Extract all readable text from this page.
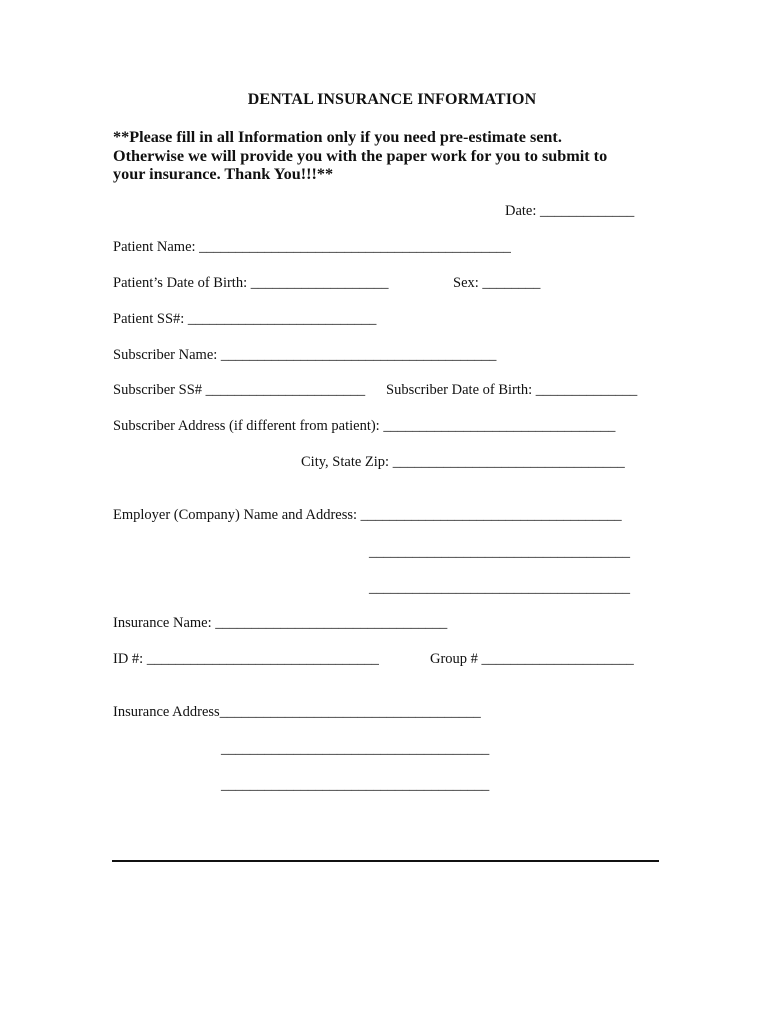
DENTAL INSURANCE INFORMATION
**Please fill in all Information only if you need pre-estimate sent.
Otherwise we will provide you with the paper work for you to submit to
your insurance. Thank You!!!**
Date: _____________
Patient Name: ___________________________________________
Patient’s Date of Birth: ___________________	Sex: ________
Patient SS#: __________________________
Subscriber Name: ______________________________________
Subscriber SS# ______________________ Subscriber Date of Birth: ______________
Subscriber Address (if different from patient): ________________________________
City, State Zip: ________________________________
Employer (Company) Name and Address: ____________________________________
____________________________________
____________________________________
Insurance Name: ________________________________
ID #: ________________________________	Group # _____________________
Insurance Address____________________________________
_____________________________________
_____________________________________
